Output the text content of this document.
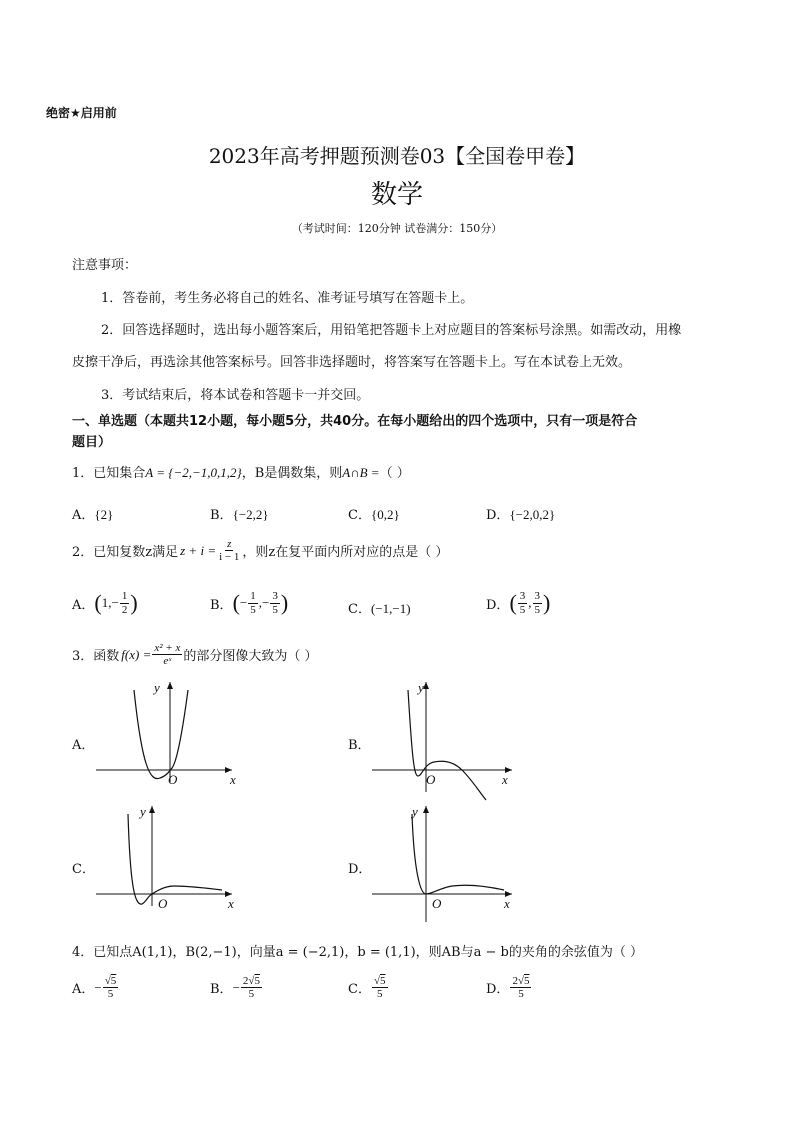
绝密★启用前
2023年高考押题预测卷03【全国卷甲卷】
数学
（考试时间：120分钟 试卷满分：150分）
注意事项：
1．答卷前，考生务必将自己的姓名、准考证号填写在答题卡上。
2．回答选择题时，选出每小题答案后，用铅笔把答题卡上对应题目的答案标号涂黑。如需改动，用橡
皮擦干净后，再选涂其他答案标号。回答非选择题时，将答案写在答题卡上。写在本试卷上无效。
3．考试结束后，将本试卷和答题卡一并交回。
一、单选题（本题共12小题，每小题5分，共40分。在每小题给出的四个选项中，只有一项是符合
题目）
1．已知集合A = {−2,−1,0,1,2}，B是偶数集，则A∩B =（ ）
A．{2}	B．{−2,2}	C．{0,2}	D．{−2,0,2}
2．已知复数z满足 $z + i = \frac{z}{i - 1}$ ，则z在复平面内所对应的点是（ ）
A． ( 1 , − $\frac{1}{2}$ )	B． ( − $\frac{1}{5}$ , − $\frac{3}{5}$ )	C．(−1,−1)	D． ( $\frac{3}{5}$ , $\frac{3}{5}$ )
3．函数 $f(x) = \frac{\text{x² + x}}{\text{eˣ}}$ 的部分图像大致为（ ）
A．	B．
C．	D．
x
y
O	x
y
O
x
y
O	x
y
O
4．已知点A(1,1)，B(2,−1)，向量a = (−2,1)，b = (1,1)，则AB与a − b的夹角的余弦值为（ ）
A． − $\frac{√5}{5}$	B． − $\frac{2√5}{5}$	C． $\frac{√5}{5}$	D． $\frac{2√5}{5}$
